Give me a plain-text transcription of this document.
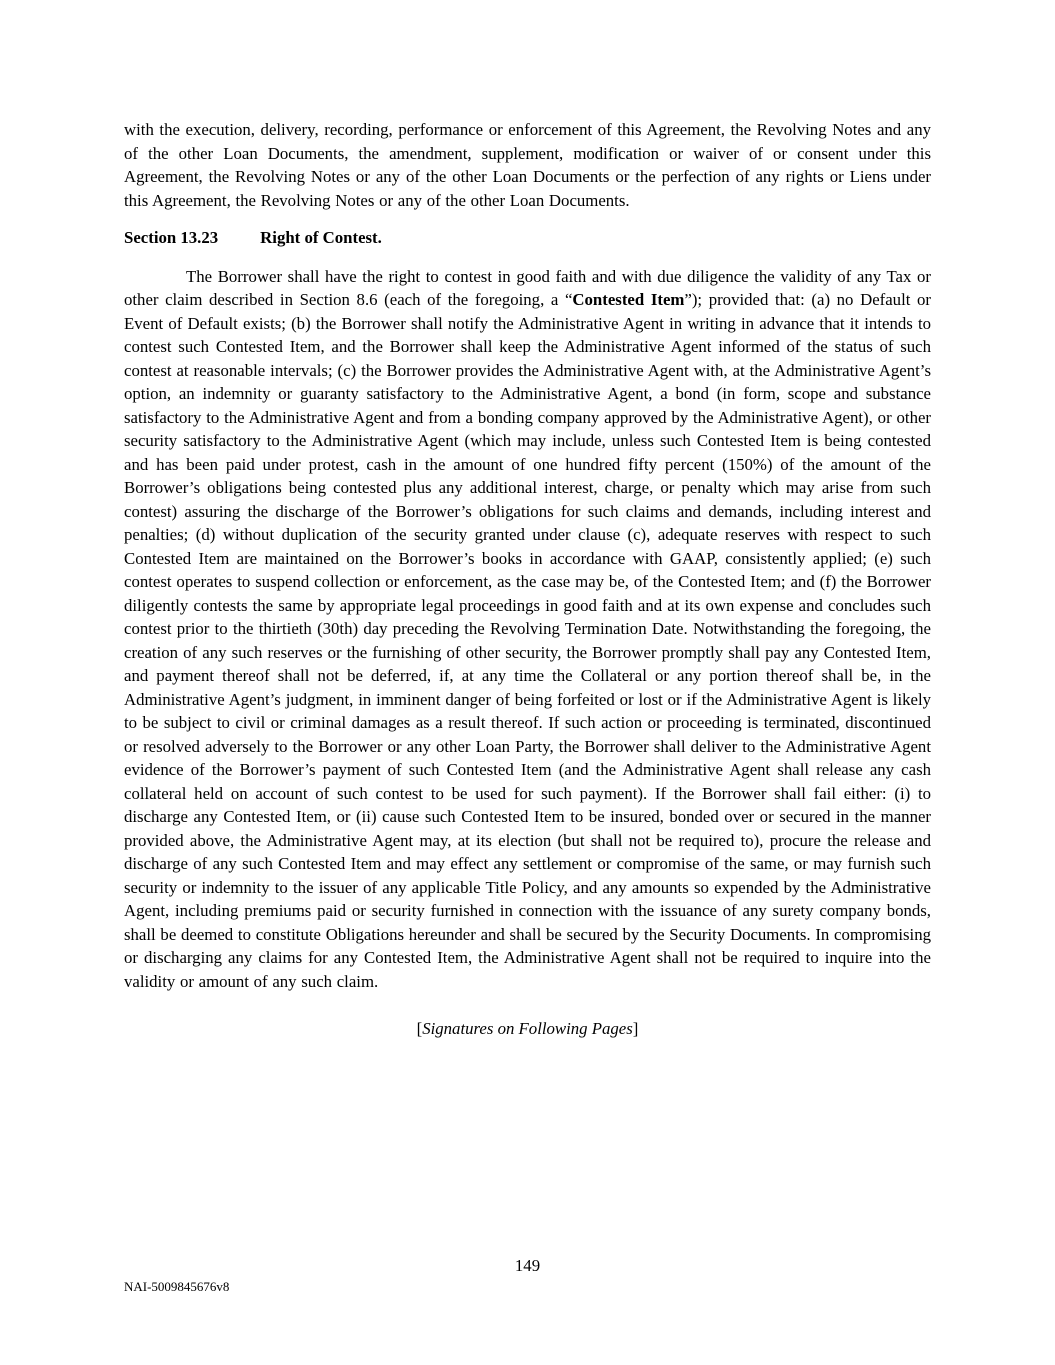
with the execution, delivery, recording, performance or enforcement of this Agreement, the Revolving Notes and any of the other Loan Documents, the amendment, supplement, modification or waiver of or consent under this Agreement, the Revolving Notes or any of the other Loan Documents or the perfection of any rights or Liens under this Agreement, the Revolving Notes or any of the other Loan Documents.

Section 13.23	Right of Contest.

The Borrower shall have the right to contest in good faith and with due diligence the validity of any Tax or other claim described in Section 8.6 (each of the foregoing, a “Contested Item”); provided that: (a) no Default or Event of Default exists; (b) the Borrower shall notify the Administrative Agent in writing in advance that it intends to contest such Contested Item, and the Borrower shall keep the Administrative Agent informed of the status of such contest at reasonable intervals; (c) the Borrower provides the Administrative Agent with, at the Administrative Agent’s option, an indemnity or guaranty satisfactory to the Administrative Agent, a bond (in form, scope and substance satisfactory to the Administrative Agent and from a bonding company approved by the Administrative Agent), or other security satisfactory to the Administrative Agent (which may include, unless such Contested Item is being contested and has been paid under protest, cash in the amount of one hundred fifty percent (150%) of the amount of the Borrower’s obligations being contested plus any additional interest, charge, or penalty which may arise from such contest) assuring the discharge of the Borrower’s obligations for such claims and demands, including interest and penalties; (d) without duplication of the security granted under clause (c), adequate reserves with respect to such Contested Item are maintained on the Borrower’s books in accordance with GAAP, consistently applied; (e) such contest operates to suspend collection or enforcement, as the case may be, of the Contested Item; and (f) the Borrower diligently contests the same by appropriate legal proceedings in good faith and at its own expense and concludes such contest prior to the thirtieth (30th) day preceding the Revolving Termination Date. Notwithstanding the foregoing, the creation of any such reserves or the furnishing of other security, the Borrower promptly shall pay any Contested Item, and payment thereof shall not be deferred, if, at any time the Collateral or any portion thereof shall be, in the Administrative Agent’s judgment, in imminent danger of being forfeited or lost or if the Administrative Agent is likely to be subject to civil or criminal damages as a result thereof. If such action or proceeding is terminated, discontinued or resolved adversely to the Borrower or any other Loan Party, the Borrower shall deliver to the Administrative Agent evidence of the Borrower’s payment of such Contested Item (and the Administrative Agent shall release any cash collateral held on account of such contest to be used for such payment). If the Borrower shall fail either: (i) to discharge any Contested Item, or (ii) cause such Contested Item to be insured, bonded over or secured in the manner provided above, the Administrative Agent may, at its election (but shall not be required to), procure the release and discharge of any such Contested Item and may effect any settlement or compromise of the same, or may furnish such security or indemnity to the issuer of any applicable Title Policy, and any amounts so expended by the Administrative Agent, including premiums paid or security furnished in connection with the issuance of any surety company bonds, shall be deemed to constitute Obligations hereunder and shall be secured by the Security Documents. In compromising or discharging any claims for any Contested Item, the Administrative Agent shall not be required to inquire into the validity or amount of any such claim.

[Signatures on Following Pages]

149
NAI-5009845676v8
